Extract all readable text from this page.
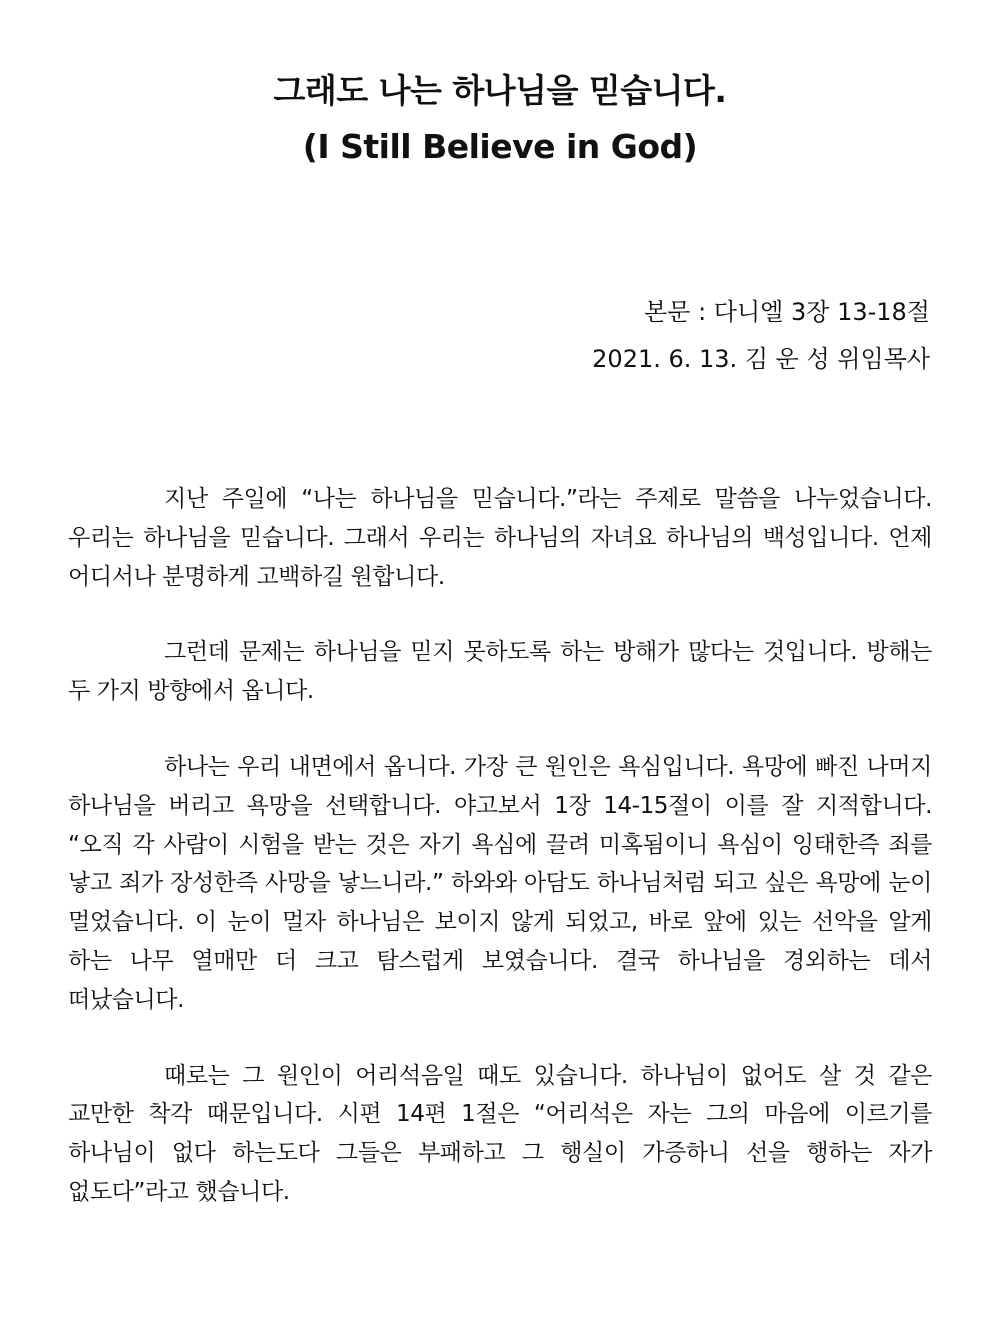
그래도 나는 하나님을 믿습니다.
(I Still Believe in God)

본문 : 다니엘 3장 13-18절

2021. 6. 13. 김 운 성 위임목사

지난 주일에 “나는 하나님을 믿습니다.”라는 주제로 말씀을 나누었습니다. 우리는 하나님을 믿습니다. 그래서 우리는 하나님의 자녀요 하나님의 백성입니다. 언제 어디서나 분명하게 고백하길 원합니다.

그런데 문제는 하나님을 믿지 못하도록 하는 방해가 많다는 것입니다. 방해는 두 가지 방향에서 옵니다.

하나는 우리 내면에서 옵니다. 가장 큰 원인은 욕심입니다. 욕망에 빠진 나머지 하나님을 버리고 욕망을 선택합니다. 야고보서 1장 14-15절이 이를 잘 지적합니다. “오직 각 사람이 시험을 받는 것은 자기 욕심에 끌려 미혹됨이니 욕심이 잉태한즉 죄를 낳고 죄가 장성한즉 사망을 낳느니라.” 하와와 아담도 하나님처럼 되고 싶은 욕망에 눈이 멀었습니다. 이 눈이 멀자 하나님은 보이지 않게 되었고, 바로 앞에 있는 선악을 알게 하는 나무 열매만 더 크고 탐스럽게 보였습니다. 결국 하나님을 경외하는 데서 떠났습니다.

때로는 그 원인이 어리석음일 때도 있습니다. 하나님이 없어도 살 것 같은 교만한 착각 때문입니다. 시편 14편 1절은 “어리석은 자는 그의 마음에 이르기를 하나님이 없다 하는도다 그들은 부패하고 그 행실이 가증하니 선을 행하는 자가 없도다”라고 했습니다.
